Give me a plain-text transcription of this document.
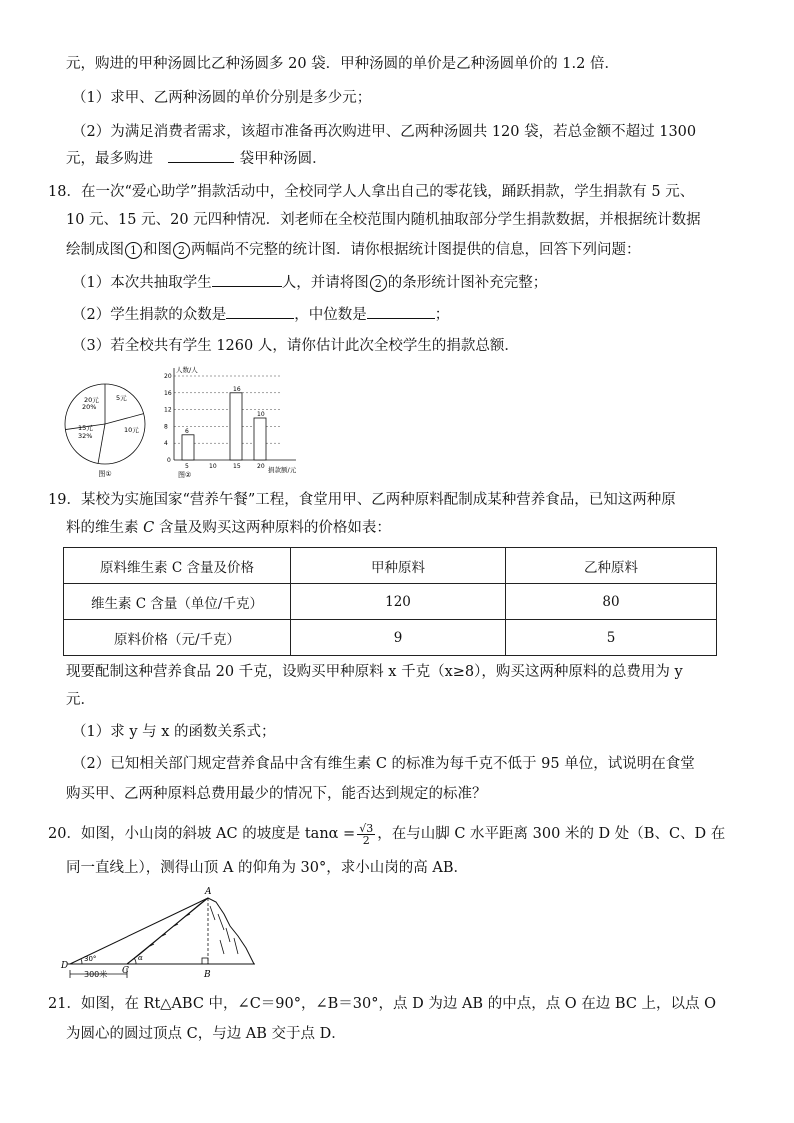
元，购进的甲种汤圆比乙种汤圆多 20 袋．甲种汤圆的单价是乙种汤圆单价的 1.2 倍．
（1）求甲、乙两种汤圆的单价分别是多少元；
（2）为满足消费者需求，该超市准备再次购进甲、乙两种汤圆共 120 袋，若总金额不超过 1300
元，最多购进	袋甲种汤圆．
18．在一次“爱心助学”捐款活动中，全校同学人人拿出自己的零花钱，踊跃捐款，学生捐款有 5 元、
10 元、15 元、20 元四种情况．刘老师在全校范围内随机抽取部分学生捐款数据，并根据统计数据
绘制成图 1 和图 2 两幅尚不完整的统计图．请你根据统计图提供的信息，回答下列问题：
（1）本次共抽取学生	人，并请将图 2 的条形统计图补充完整；
（2）学生捐款的众数是	，中位数是	；
（3）若全校共有学生 1260 人，请你估计此次全校学生的捐款总额．
5元
10元
15元
32%
20元
20%
图①
4
8
12
16
20
0
人数/人
捐款额/元
5
6
10	15
16
20
10
图②
19．某校为实施国家“营养午餐”工程，食堂用甲、乙两种原料配制成某种营养食品，已知这两种原
料的维生素 C 含量及购买这两种原料的价格如表：
原料维生素 C 含量及价格	甲种原料	乙种原料
维生素 C 含量（单位/千克）	120	80
原料价格（元/千克）	9	5
现要配制这种营养食品 20 千克，设购买甲种原料 x 千克（x≥8），购买这两种原料的总费用为 y
元．
（1）求 y 与 x 的函数关系式；
（2）已知相关部门规定营养食品中含有维生素 C 的标准为每千克不低于 95 单位，试说明在食堂
购买甲、乙两种原料总费用最少的情况下，能否达到规定的标准？
20．如图，小山岗的斜坡 AC 的坡度是 $\tan\alpha = \frac{√3}{2}$ ，在与山脚 C 水平距离 300 米的 D 处（B、C、D 在
同一直线上），测得山顶 A 的仰角为 30°，求小山岗的高 AB．
A
B
C
D
30°	α
300米
21．如图，在 Rt△ABC 中，∠C＝90°，∠B＝30°，点 D 为边 AB 的中点，点 O 在边 BC 上，以点 O
为圆心的圆过顶点 C，与边 AB 交于点 D．
